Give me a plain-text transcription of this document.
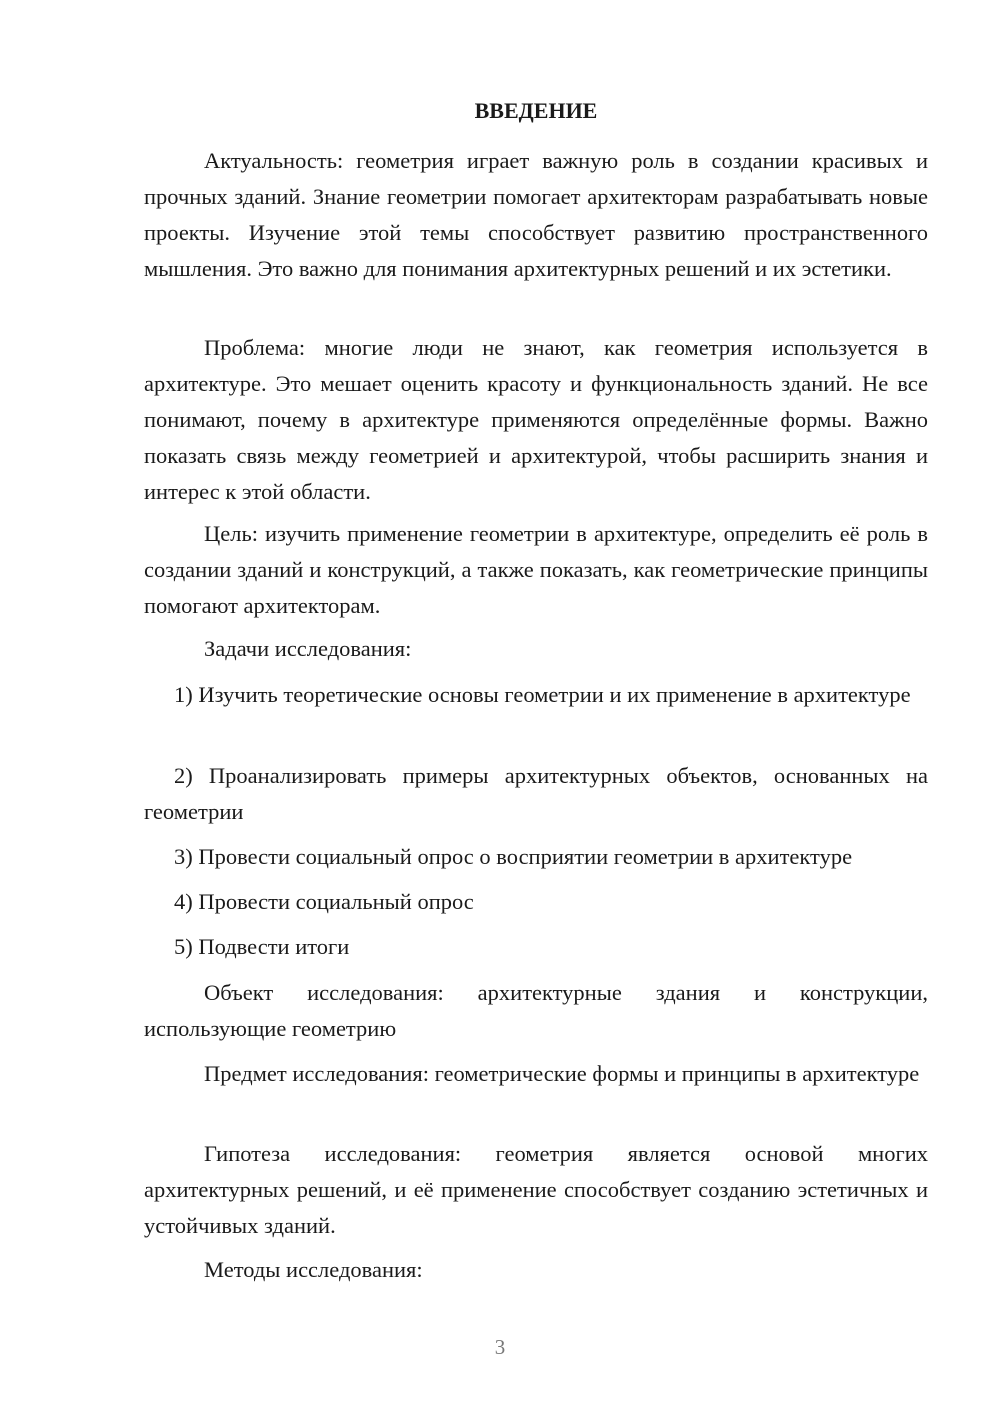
ВВЕДЕНИЕ

Актуальность: геометрия играет важную роль в создании красивых и прочных зданий. Знание геометрии помогает архитекторам разрабатывать новые проекты. Изучение этой темы способствует развитию пространственного мышления. Это важно для понимания архитектурных решений и их эстетики.

Проблема: многие люди не знают, как геометрия используется в архитектуре. Это мешает оценить красоту и функциональность зданий. Не все понимают, почему в архитектуре применяются определённые формы. Важно показать связь между геометрией и архитектурой, чтобы расширить знания и интерес к этой области.

Цель: изучить применение геометрии в архитектуре, определить её роль в создании зданий и конструкций, а также показать, как геометрические принципы помогают архитекторам.

Задачи исследования:

1) Изучить теоретические основы геометрии и их применение в архитектуре

2) Проанализировать примеры архитектурных объектов, основанных на геометрии

3) Провести социальный опрос о восприятии геометрии в архитектуре

4) Провести социальный опрос

5) Подвести итоги

Объект исследования: архитектурные здания и конструкции, использующие геометрию

Предмет исследования: геометрические формы и принципы в архитектуре

Гипотеза исследования: геометрия является основой многих архитектурных решений, и её применение способствует созданию эстетичных и устойчивых зданий.

Методы исследования:

3
